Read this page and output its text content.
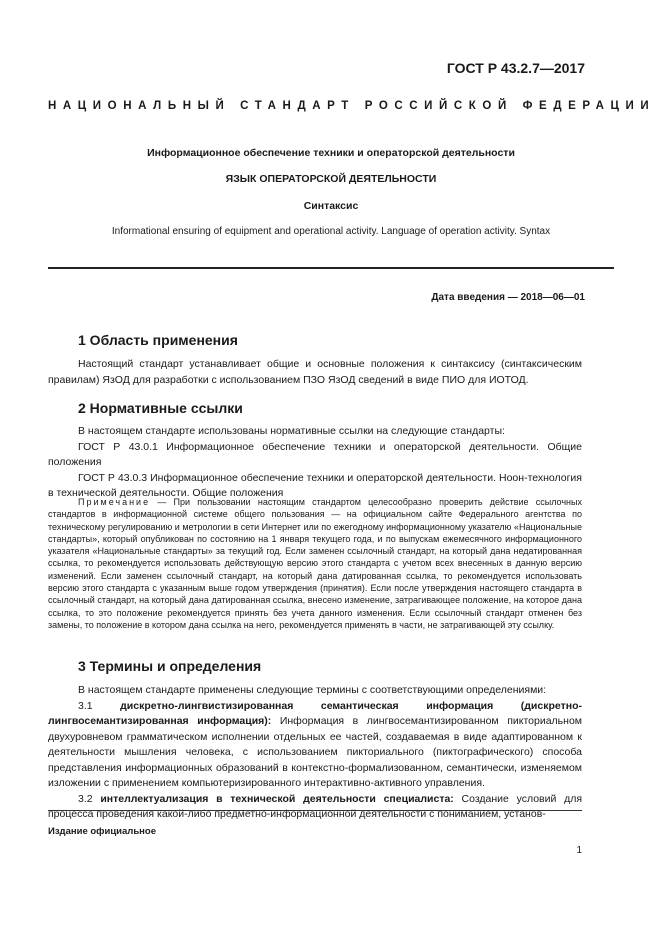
ГОСТ Р 43.2.7—2017
НАЦИОНАЛЬНЫЙ СТАНДАРТ РОССИЙСКОЙ ФЕДЕРАЦИИ
Информационное обеспечение техники и операторской деятельности
ЯЗЫК ОПЕРАТОРСКОЙ ДЕЯТЕЛЬНОСТИ
Синтаксис
Informational ensuring of equipment and operational activity. Language of operation activity. Syntax
Дата введения — 2018—06—01
1 Область применения

Настоящий стандарт устанавливает общие и основные положения к синтаксису (синтаксическим правилам) ЯзОД для разработки с использованием ПЗО ЯзОД сведений в виде ПИО для ИОТОД.

2 Нормативные ссылки

В настоящем стандарте использованы нормативные ссылки на следующие стандарты:

ГОСТ Р 43.0.1 Информационное обеспечение техники и операторской деятельности. Общие положения

ГОСТ Р 43.0.3 Информационное обеспечение техники и операторской деятельности. Ноон-технология в технической деятельности. Общие положения

Примечание — При пользовании настоящим стандартом целесообразно проверить действие ссылочных стандартов в информационной системе общего пользования — на официальном сайте Федерального агентства по техническому регулированию и метрологии в сети Интернет или по ежегодному информационному указателю «Национальные стандарты», который опубликован по состоянию на 1 января текущего года, и по выпускам ежемесячного информационного указателя «Национальные стандарты» за текущий год. Если заменен ссылочный стандарт, на который дана недатированная ссылка, то рекомендуется использовать действующую версию этого стандарта с учетом всех внесенных в данную версию изменений. Если заменен ссылочный стандарт, на который дана датированная ссылка, то рекомендуется использовать версию этого стандарта с указанным выше годом утверждения (принятия). Если после утверждения настоящего стандарта в ссылочный стандарт, на который дана датированная ссылка, внесено изменение, затрагивающее положение, на которое дана ссылка, то это положение рекомендуется принять без учета данного изменения. Если ссылочный стандарт отменен без замены, то положение в котором дана ссылка на него, рекомендуется применять в части, не затрагивающей эту ссылку.
3 Термины и определения

В настоящем стандарте применены следующие термины с соответствующими определениями:

3.1 дискретно-лингвистизированная семантическая информация (дискретно-лингвосемантизированная информация): Информация в лингвосемантизированном пикториальном двухуровневом грамматическом исполнении отдельных ее частей, создаваемая в виде адаптированном к деятельности мышления человека, с использованием пикториального (пиктографического) способа представления информационных образований в контекстно-формализованном, семантически, изменяемом изложении с применением компьютеризированного интерактивно-активного управления.

3.2 интеллектуализация в технической деятельности специалиста: Создание условий для процесса проведения какой-либо предметно-информационной деятельности с пониманием, установ-

Издание официальное
1
